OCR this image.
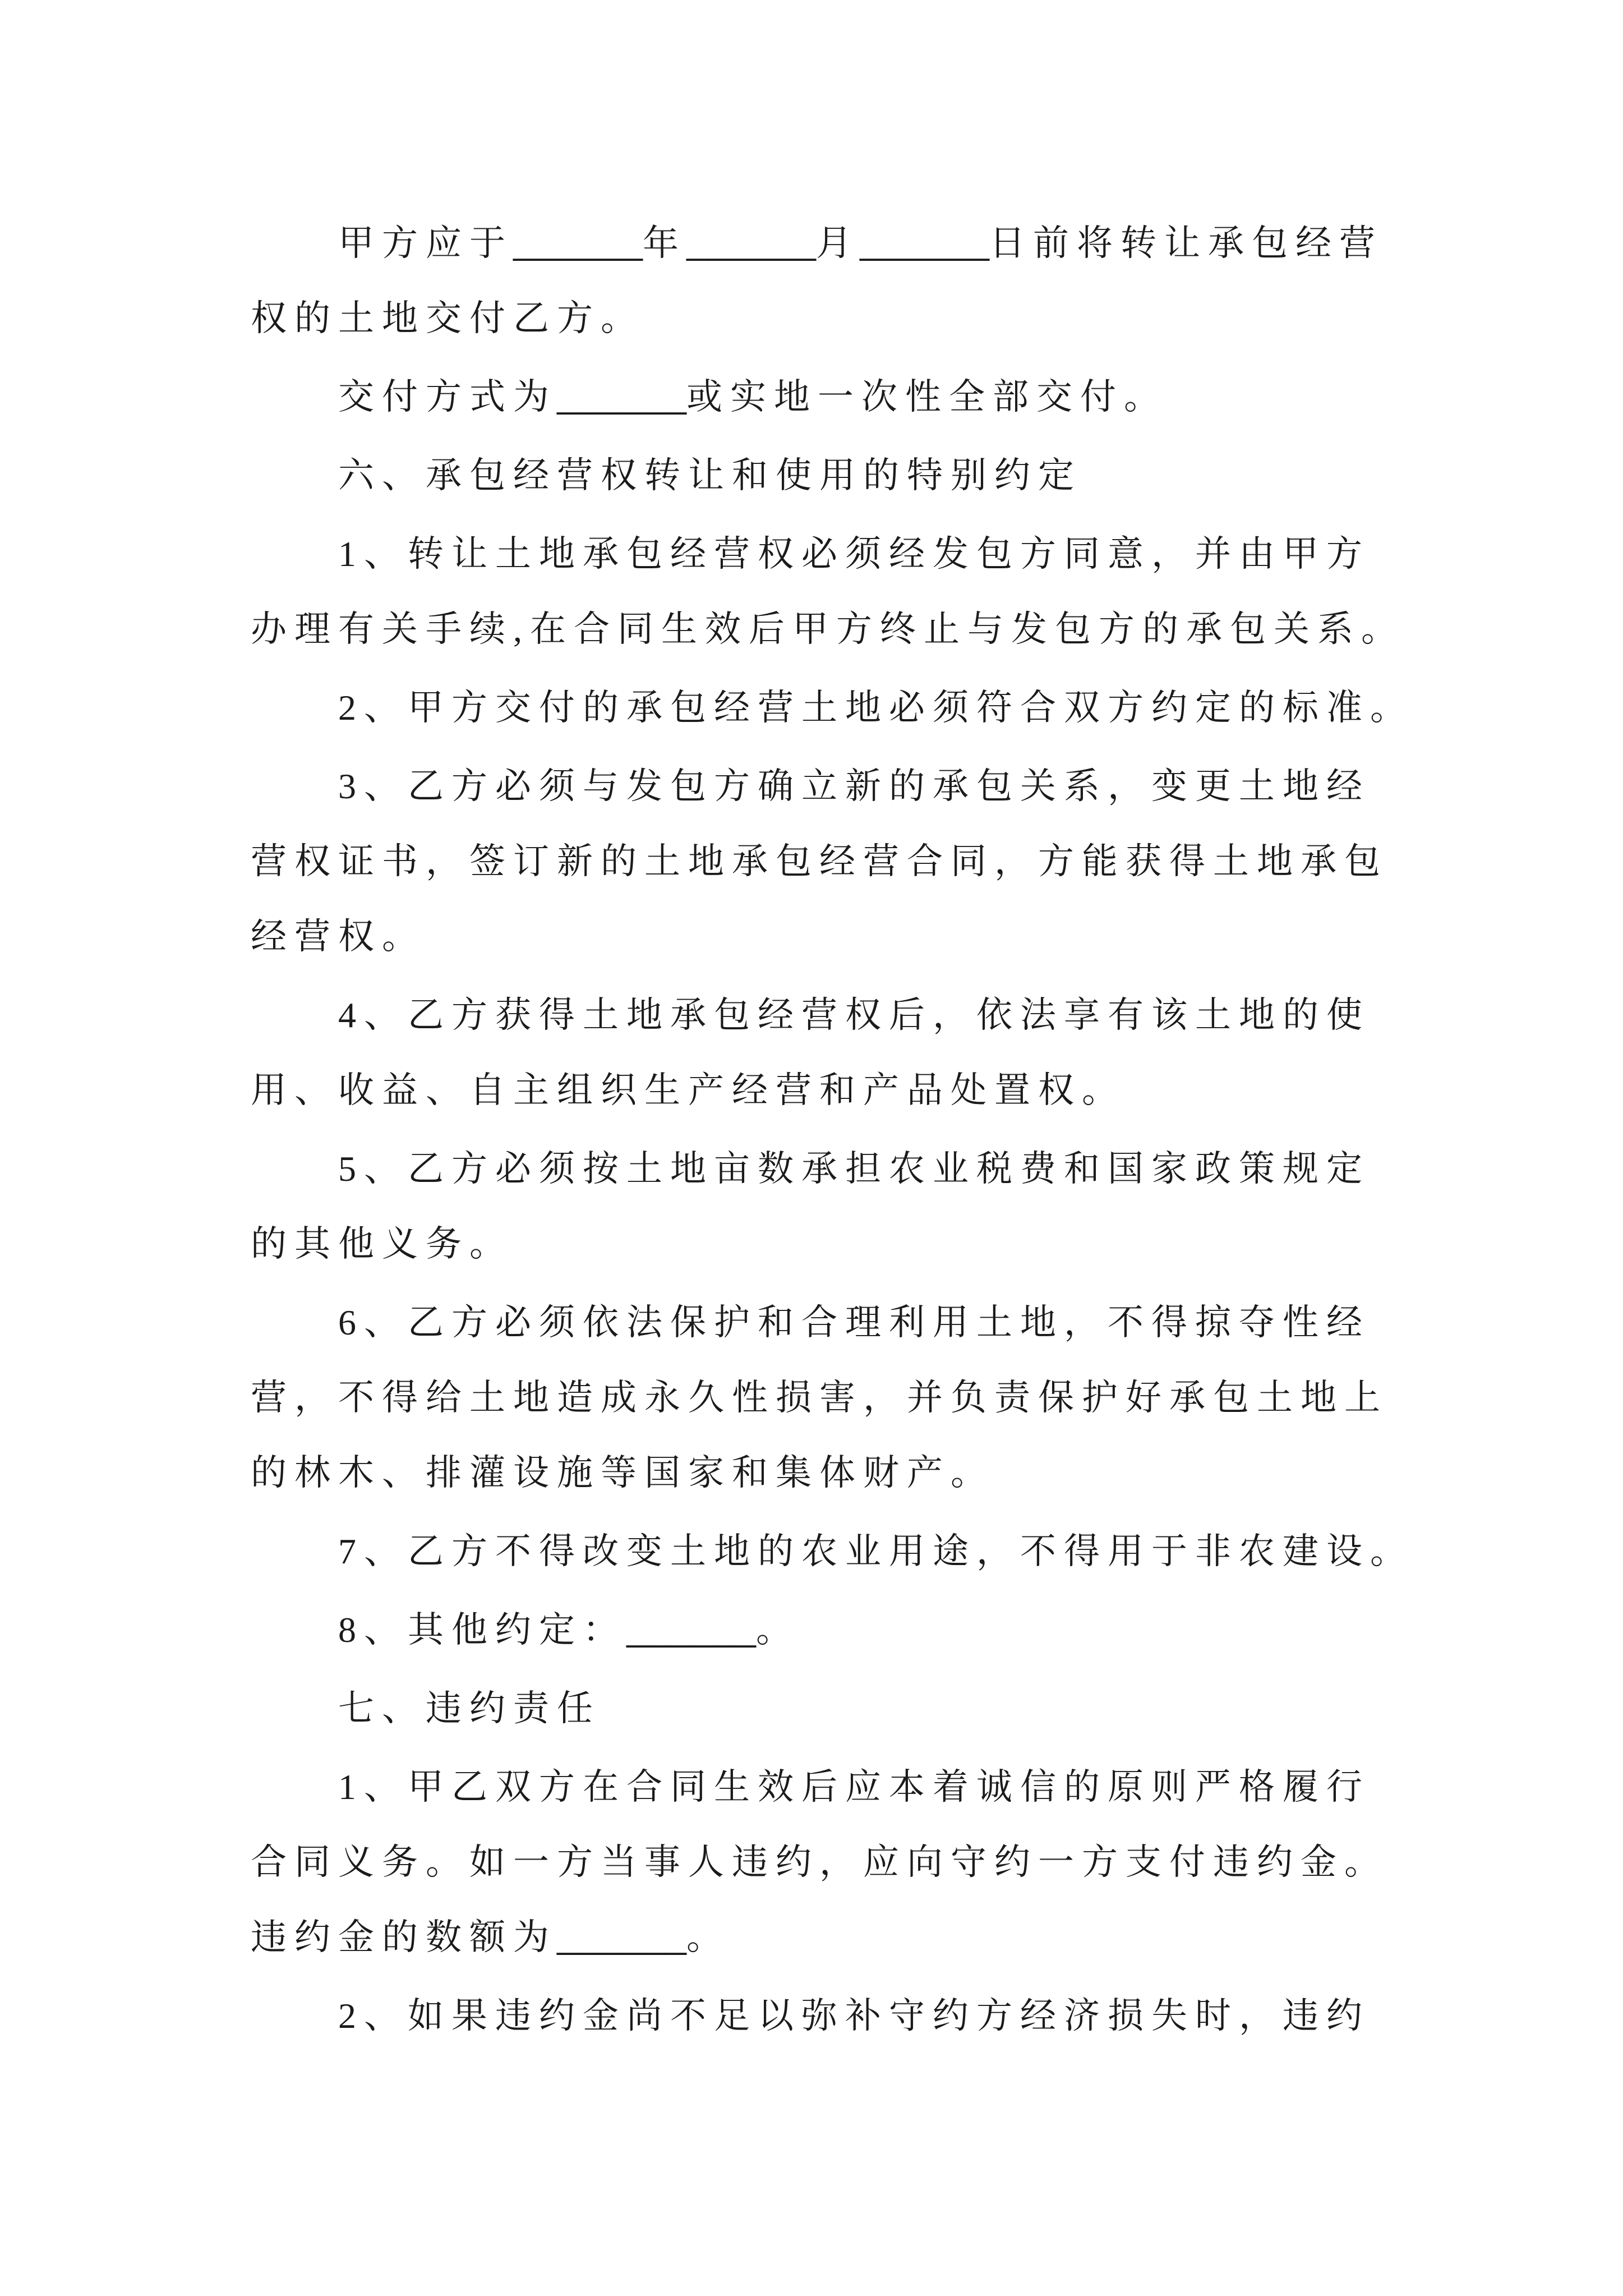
甲方应于______年______月______日前将转让承包经营
权的土地交付乙方。
交付方式为______或实地一次性全部交付。
六、承包经营权转让和使用的特别约定
1、转让土地承包经营权必须经发包方同意，并由甲方
办理有关手续,在合同生效后甲方终止与发包方的承包关系。
2、甲方交付的承包经营土地必须符合双方约定的标准。
3、乙方必须与发包方确立新的承包关系，变更土地经
营权证书，签订新的土地承包经营合同，方能获得土地承包
经营权。
4、乙方获得土地承包经营权后，依法享有该土地的使
用、收益、自主组织生产经营和产品处置权。
5、乙方必须按土地亩数承担农业税费和国家政策规定
的其他义务。
6、乙方必须依法保护和合理利用土地，不得掠夺性经
营，不得给土地造成永久性损害，并负责保护好承包土地上
的林木、排灌设施等国家和集体财产。
7、乙方不得改变土地的农业用途，不得用于非农建设。
8、其他约定：______。
七、违约责任
1、甲乙双方在合同生效后应本着诚信的原则严格履行
合同义务。如一方当事人违约，应向守约一方支付违约金。
违约金的数额为______。
2、如果违约金尚不足以弥补守约方经济损失时，违约
